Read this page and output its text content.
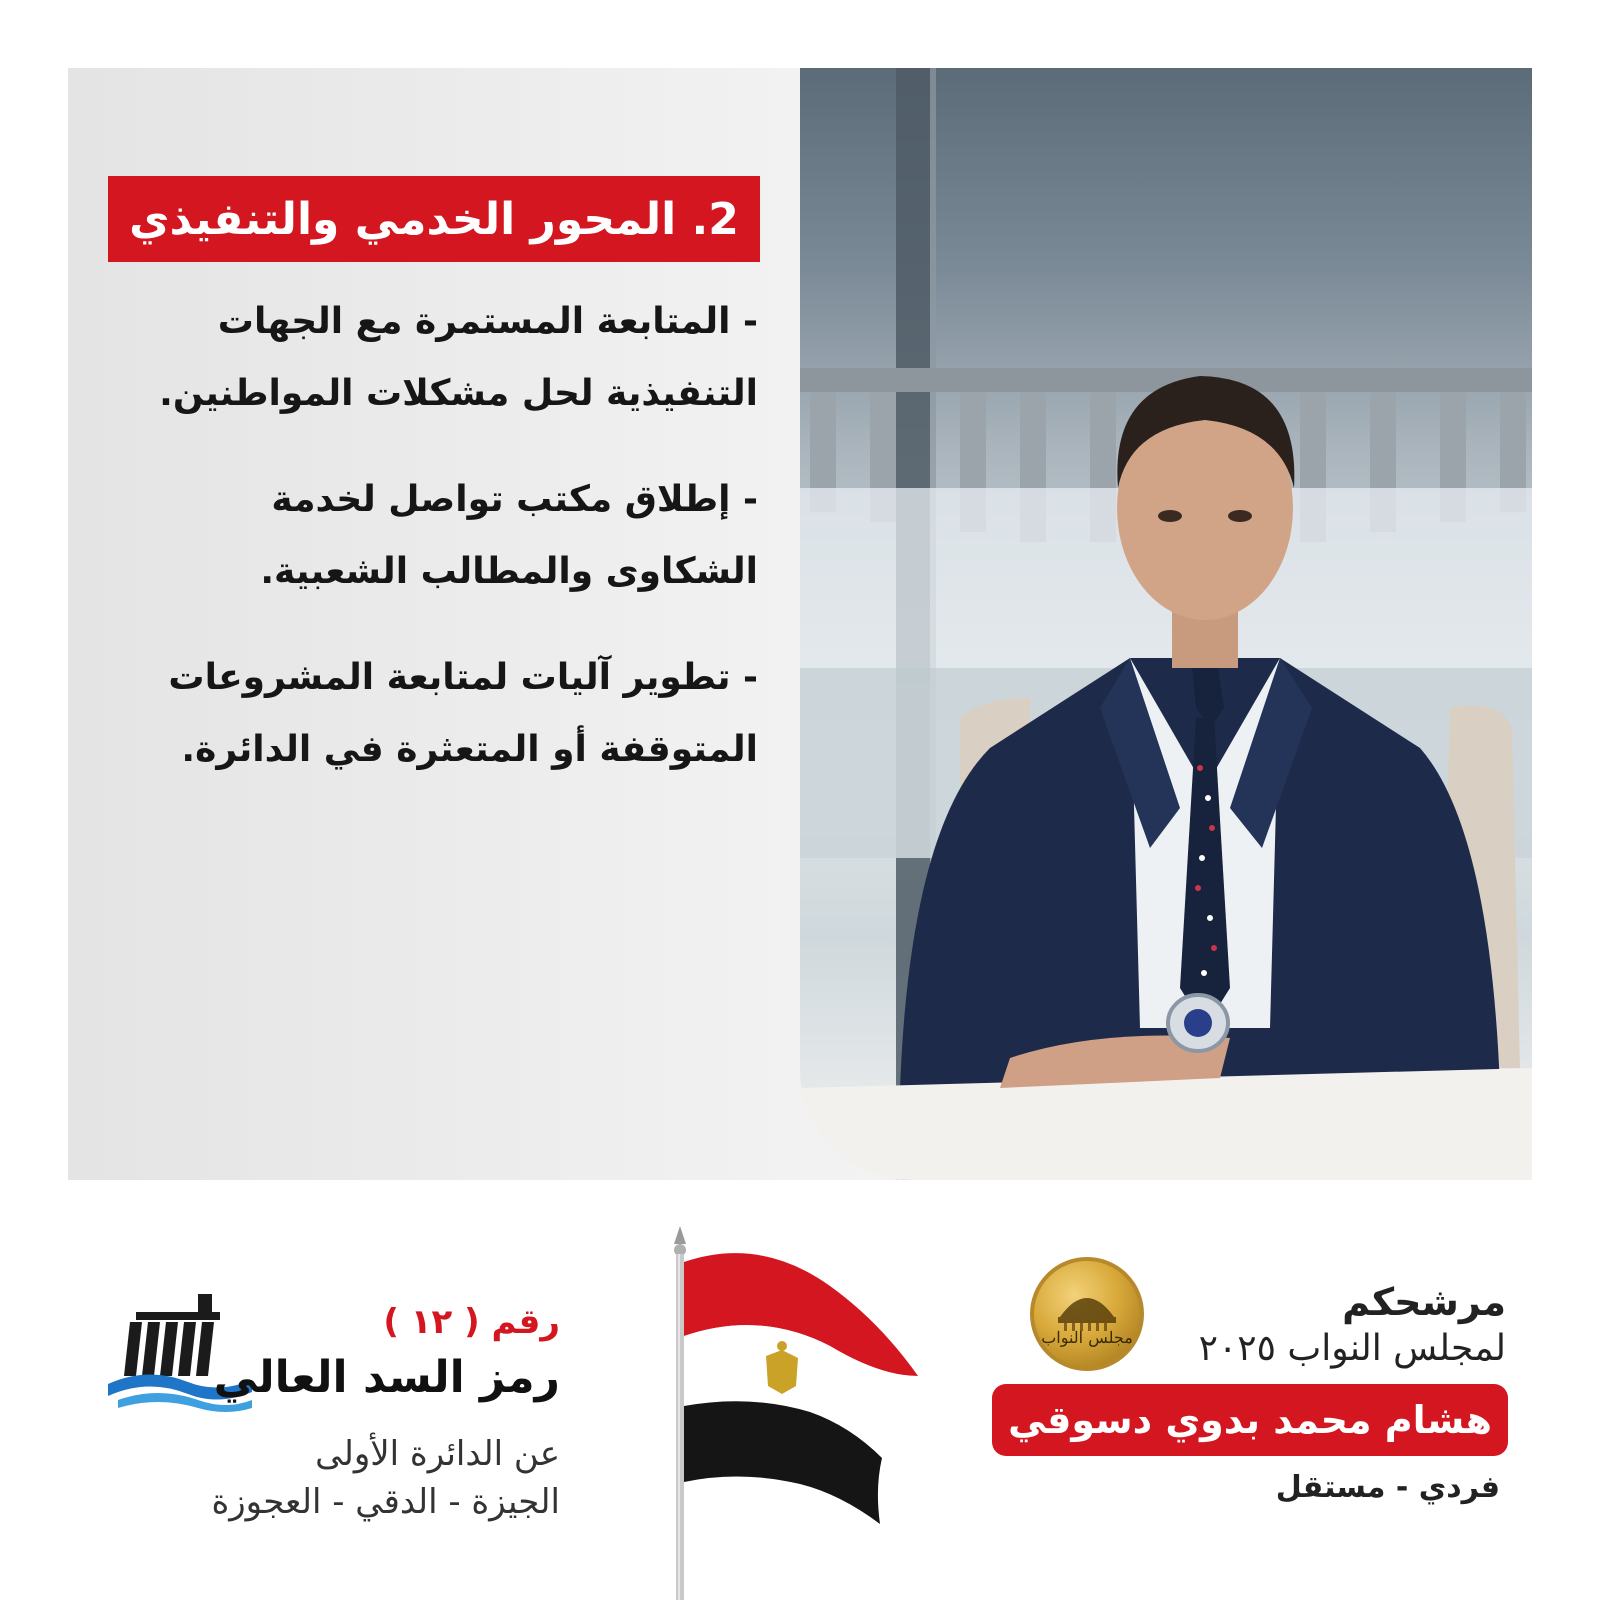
2. المحور الخدمي والتنفيذي

- المتابعة المستمرة مع الجهات التنفيذية لحل مشكلات المواطنين.

- إطلاق مكتب تواصل لخدمة الشكاوى والمطالب الشعبية.

- تطوير آليات لمتابعة المشروعات المتوقفة أو المتعثرة في الدائرة.

مجلس النواب
مرشحكم
لمجلس النواب ٢٠٢٥
هشام محمد بدوي دسوقي
فردي - مستقل
رقم ( ١٢ )
رمز السد العالي
عن الدائرة الأولى
الجيزة - الدقي - العجوزة
